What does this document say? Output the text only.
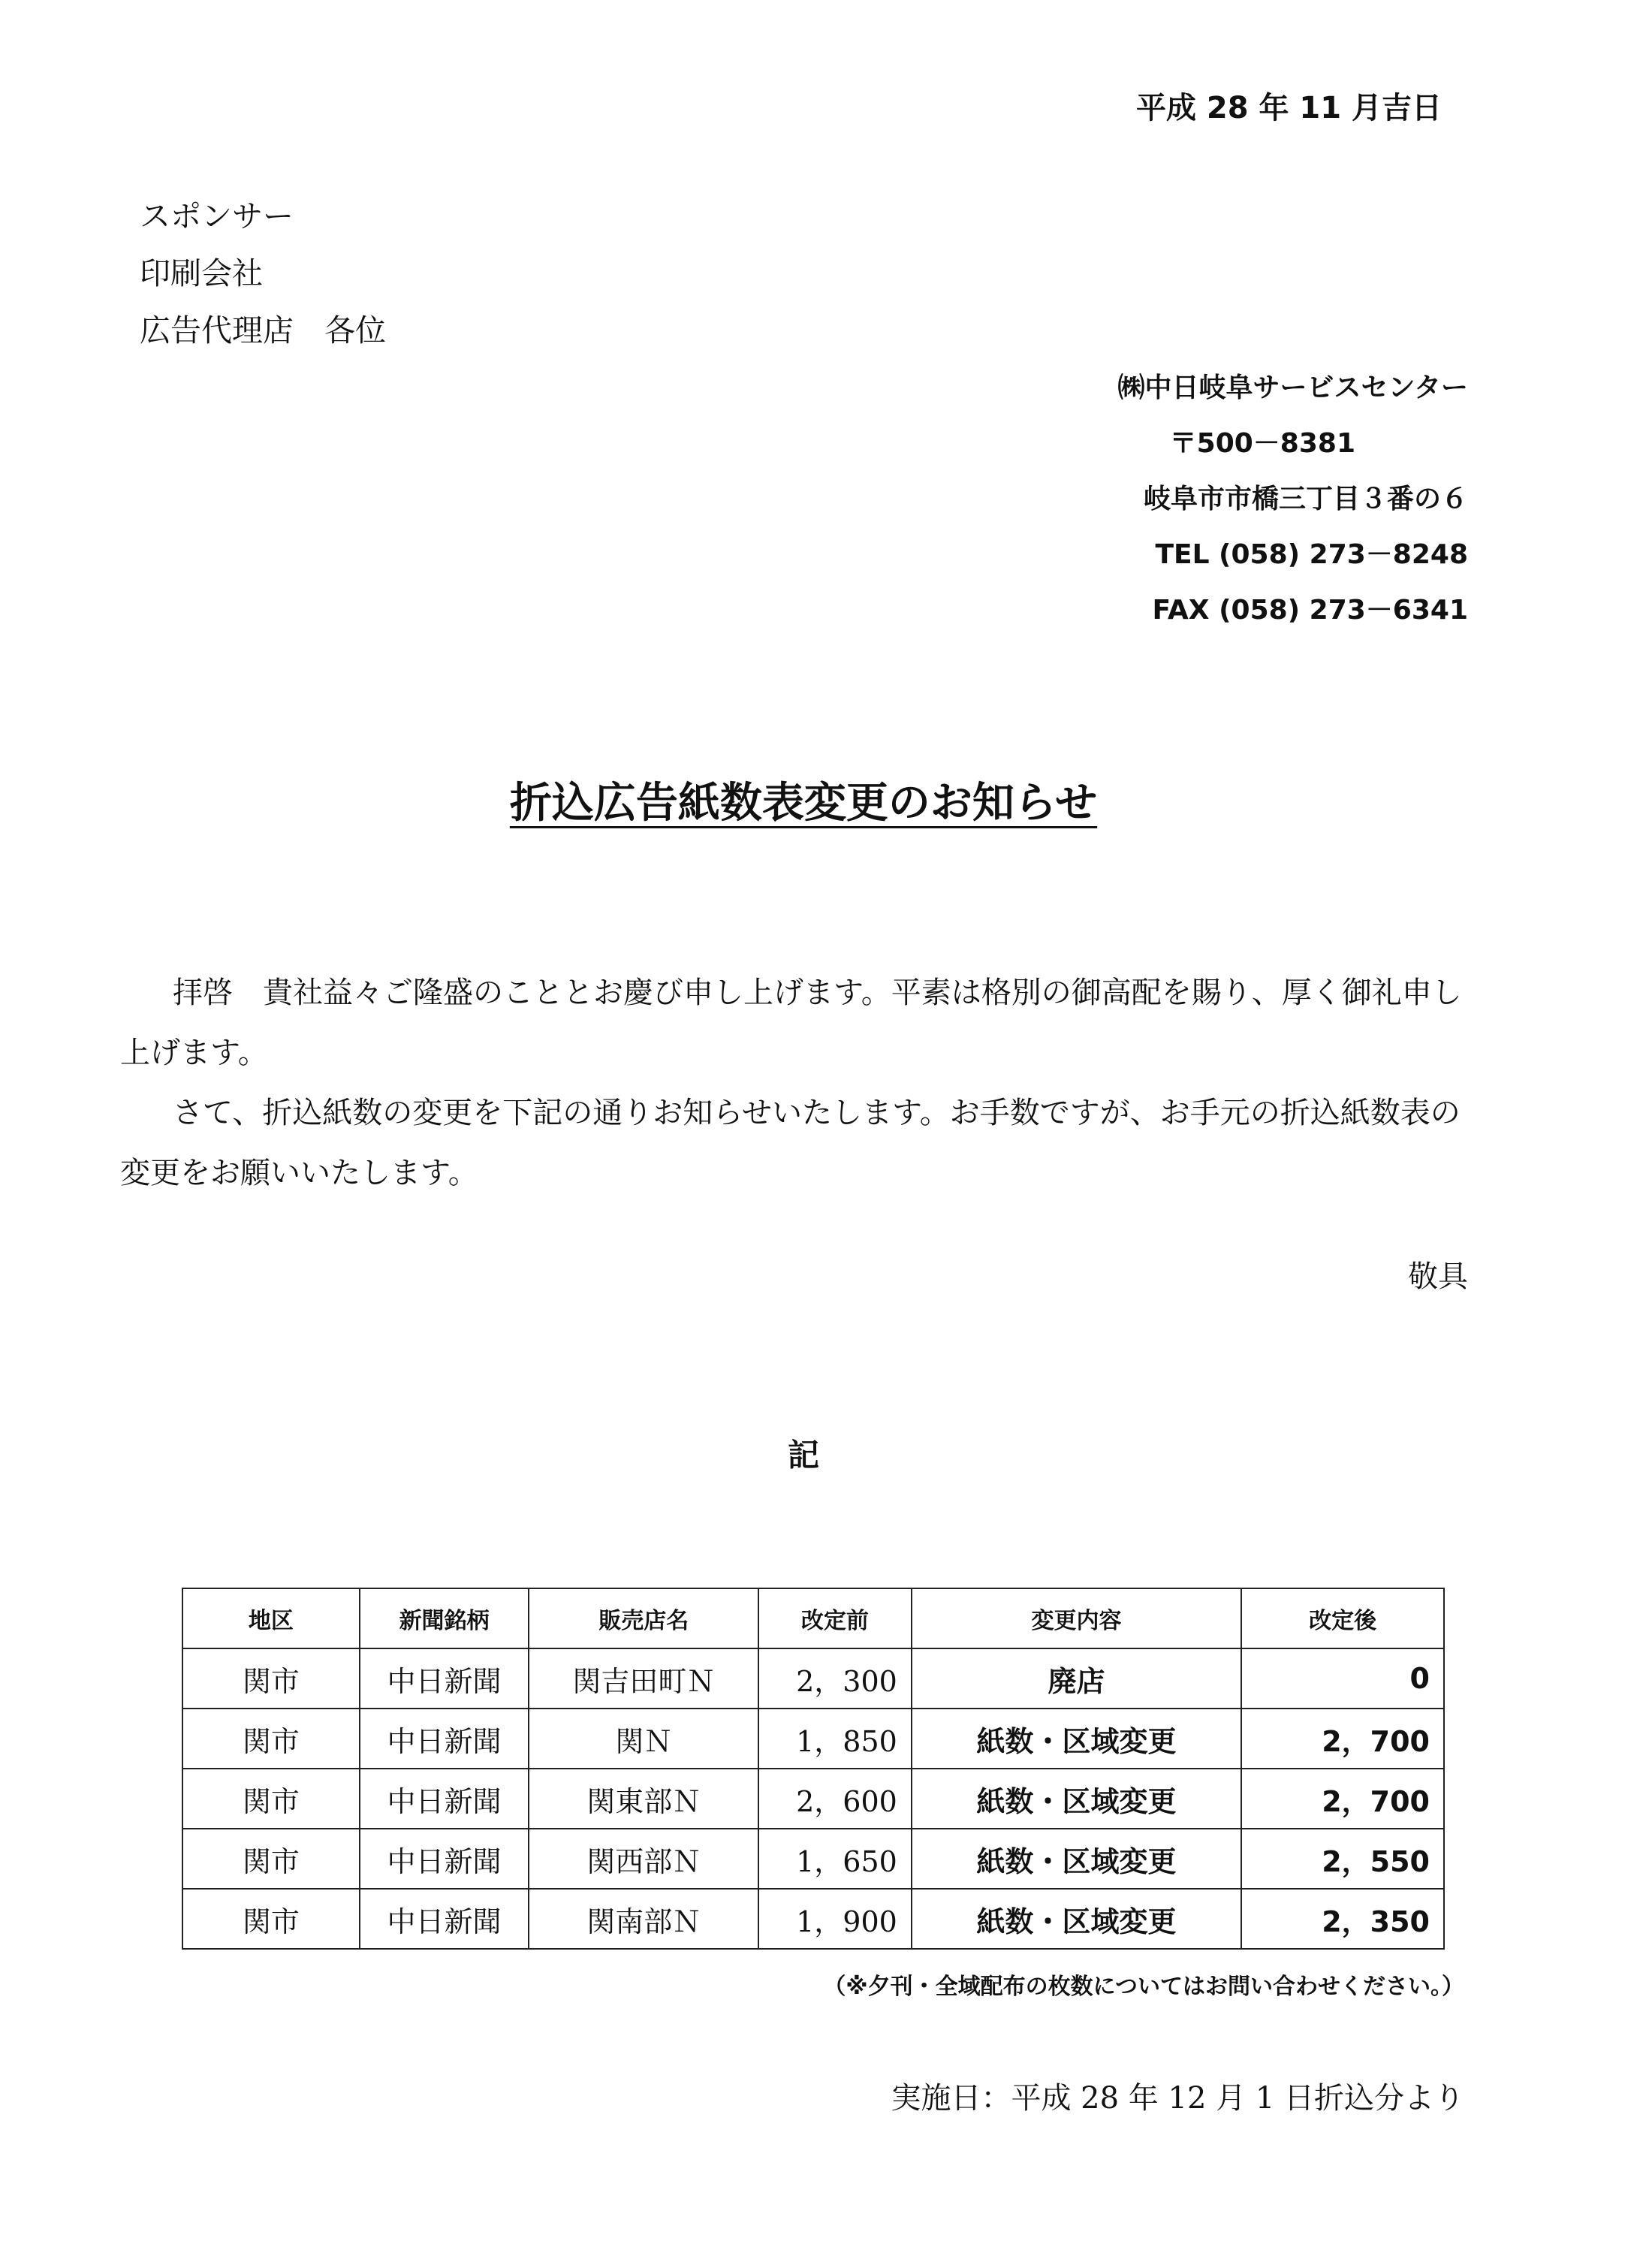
平成 28 年 11 月吉日
スポンサー
印刷会社
広告代理店　各位
㈱中日岐阜サービスセンター
〒500－8381
岐阜市市橋三丁目３番の６
TEL (058) 273－8248
FAX (058) 273－6341
折込広告紙数表変更のお知らせ

拝啓　貴社益々ご隆盛のこととお慶び申し上げます。平素は格別の御高配を賜り、厚く御礼申し上げます。

さて、折込紙数の変更を下記の通りお知らせいたします。お手数ですが、お手元の折込紙数表の変更をお願いいたします。

敬具
記
地区	新聞銘柄	販売店名	改定前	変更内容	改定後
関市	中日新聞	関吉田町Ｎ	2，300	廃店	0
関市	中日新聞	関Ｎ	1，850	紙数・区域変更	2，700
関市	中日新聞	関東部Ｎ	2，600	紙数・区域変更	2，700
関市	中日新聞	関西部Ｎ	1，650	紙数・区域変更	2，550
関市	中日新聞	関南部Ｎ	1，900	紙数・区域変更	2，350
（※夕刊・全域配布の枚数についてはお問い合わせください。）
実施日：平成 28 年 12 月 1 日折込分より
